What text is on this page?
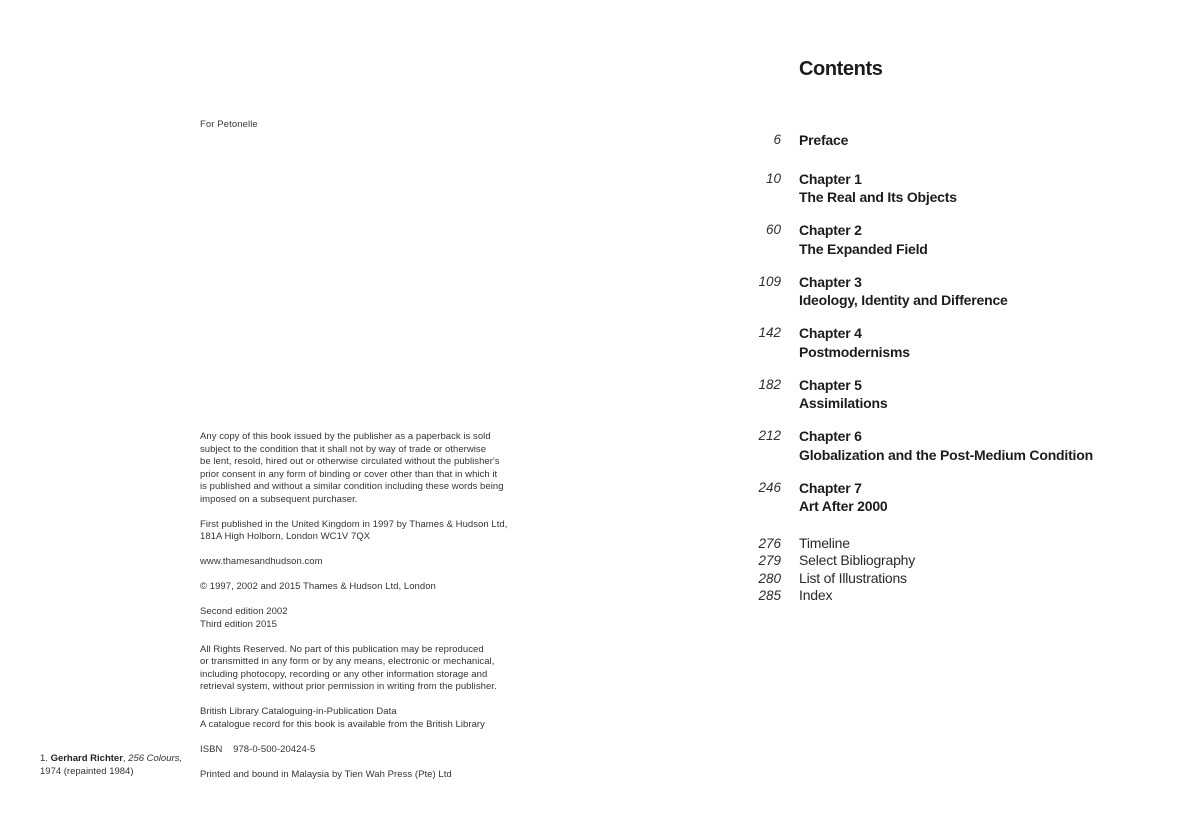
For Petonelle
Any copy of this book issued by the publisher as a paperback is sold
subject to the condition that it shall not by way of trade or otherwise
be lent, resold, hired out or otherwise circulated without the publisher's
prior consent in any form of binding or cover other than that in which it
is published and without a similar condition including these words being
imposed on a subsequent purchaser.
First published in the United Kingdom in 1997 by Thames & Hudson Ltd,
181A High Holborn, London WC1V 7QX
www.thamesandhudson.com
© 1997, 2002 and 2015 Thames & Hudson Ltd, London
Second edition 2002
Third edition 2015
All Rights Reserved. No part of this publication may be reproduced
or transmitted in any form or by any means, electronic or mechanical,
including photocopy, recording or any other information storage and
retrieval system, without prior permission in writing from the publisher.
British Library Cataloguing-in-Publication Data
A catalogue record for this book is available from the British Library
ISBN    978-0-500-20424-5
Printed and bound in Malaysia by Tien Wah Press (Pte) Ltd
1. Gerhard Richter, 256 Colours,
1974 (repainted 1984)
Contents
6 Preface
10 Chapter 1
The Real and Its Objects
60 Chapter 2
The Expanded Field
109 Chapter 3
Ideology, Identity and Difference
142 Chapter 4
Postmodernisms
182 Chapter 5
Assimilations
212 Chapter 6
Globalization and the Post-Medium Condition
246 Chapter 7
Art After 2000
276 Timeline
279 Select Bibliography
280 List of Illustrations
285 Index
